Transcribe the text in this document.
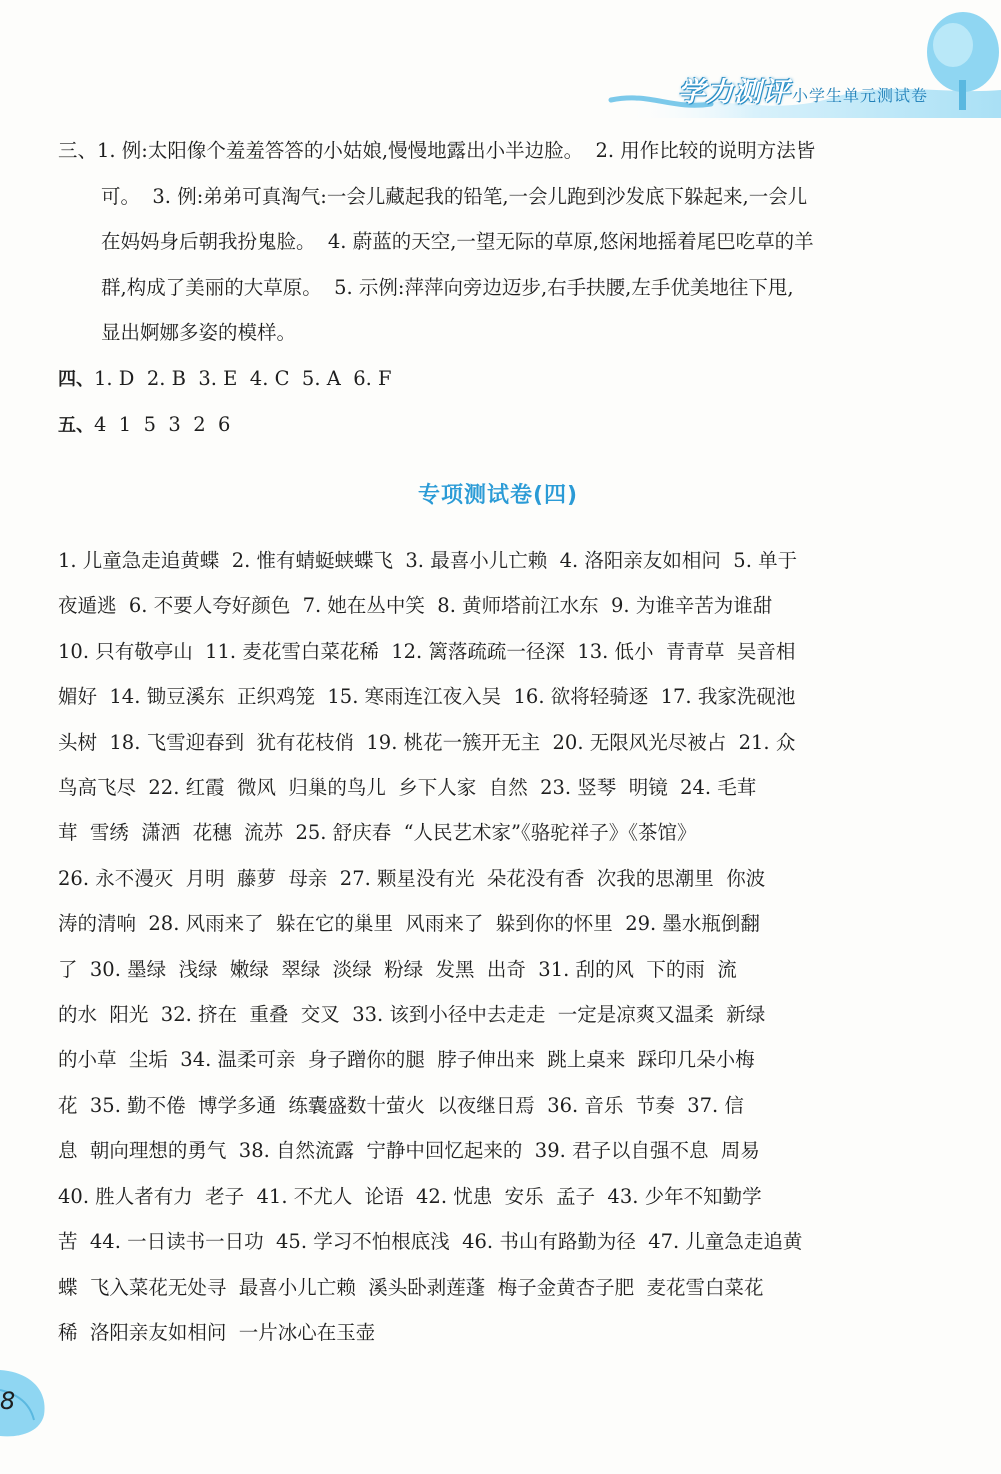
学力测评 小学生单元测试卷
三、1. 例:太阳像个羞羞答答的小姑娘,慢慢地露出小半边脸。  2. 用作比较的说明方法皆
可。  3. 例:弟弟可真淘气:一会儿藏起我的铅笔,一会儿跑到沙发底下躲起来,一会儿
在妈妈身后朝我扮鬼脸。  4. 蔚蓝的天空,一望无际的草原,悠闲地摇着尾巴吃草的羊
群,构成了美丽的大草原。  5. 示例:萍萍向旁边迈步,右手扶腰,左手优美地往下甩,
显出婀娜多姿的模样。
四、1. D  2. B  3. E  4. C  5. A  6. F
五、4  1  5  3  2  6
专项测试卷(四)
1. 儿童急走追黄蝶  2. 惟有蜻蜓蛱蝶飞  3. 最喜小儿亡赖  4. 洛阳亲友如相问  5. 单于
夜遁逃  6. 不要人夸好颜色  7. 她在丛中笑  8. 黄师塔前江水东  9. 为谁辛苦为谁甜
10. 只有敬亭山  11. 麦花雪白菜花稀  12. 篱落疏疏一径深  13. 低小  青青草  吴音相
媚好  14. 锄豆溪东  正织鸡笼  15. 寒雨连江夜入吴  16. 欲将轻骑逐  17. 我家洗砚池
头树  18. 飞雪迎春到  犹有花枝俏  19. 桃花一簇开无主  20. 无限风光尽被占  21. 众
鸟高飞尽  22. 红霞  微风  归巢的鸟儿  乡下人家  自然  23. 竖琴  明镜  24. 毛茸
茸  雪绣  潇洒  花穗  流苏  25. 舒庆春  “人民艺术家”《骆驼祥子》《茶馆》
26. 永不漫灭  月明  藤萝  母亲  27. 颗星没有光  朵花没有香  次我的思潮里  你波
涛的清响  28. 风雨来了  躲在它的巢里  风雨来了  躲到你的怀里  29. 墨水瓶倒翻
了  30. 墨绿  浅绿  嫩绿  翠绿  淡绿  粉绿  发黑  出奇  31. 刮的风  下的雨  流
的水  阳光  32. 挤在  重叠  交叉  33. 该到小径中去走走  一定是凉爽又温柔  新绿
的小草  尘垢  34. 温柔可亲  身子蹭你的腿  脖子伸出来  跳上桌来  踩印几朵小梅
花  35. 勤不倦  博学多通  练囊盛数十萤火  以夜继日焉  36. 音乐  节奏  37. 信
息  朝向理想的勇气  38. 自然流露  宁静中回忆起来的  39. 君子以自强不息  周易
40. 胜人者有力  老子  41. 不尤人  论语  42. 忧患  安乐  孟子  43. 少年不知勤学
苦  44. 一日读书一日功  45. 学习不怕根底浅  46. 书山有路勤为径  47. 儿童急走追黄
蝶  飞入菜花无处寻  最喜小儿亡赖  溪头卧剥莲蓬  梅子金黄杏子肥  麦花雪白菜花
稀  洛阳亲友如相问  一片冰心在玉壶
8
